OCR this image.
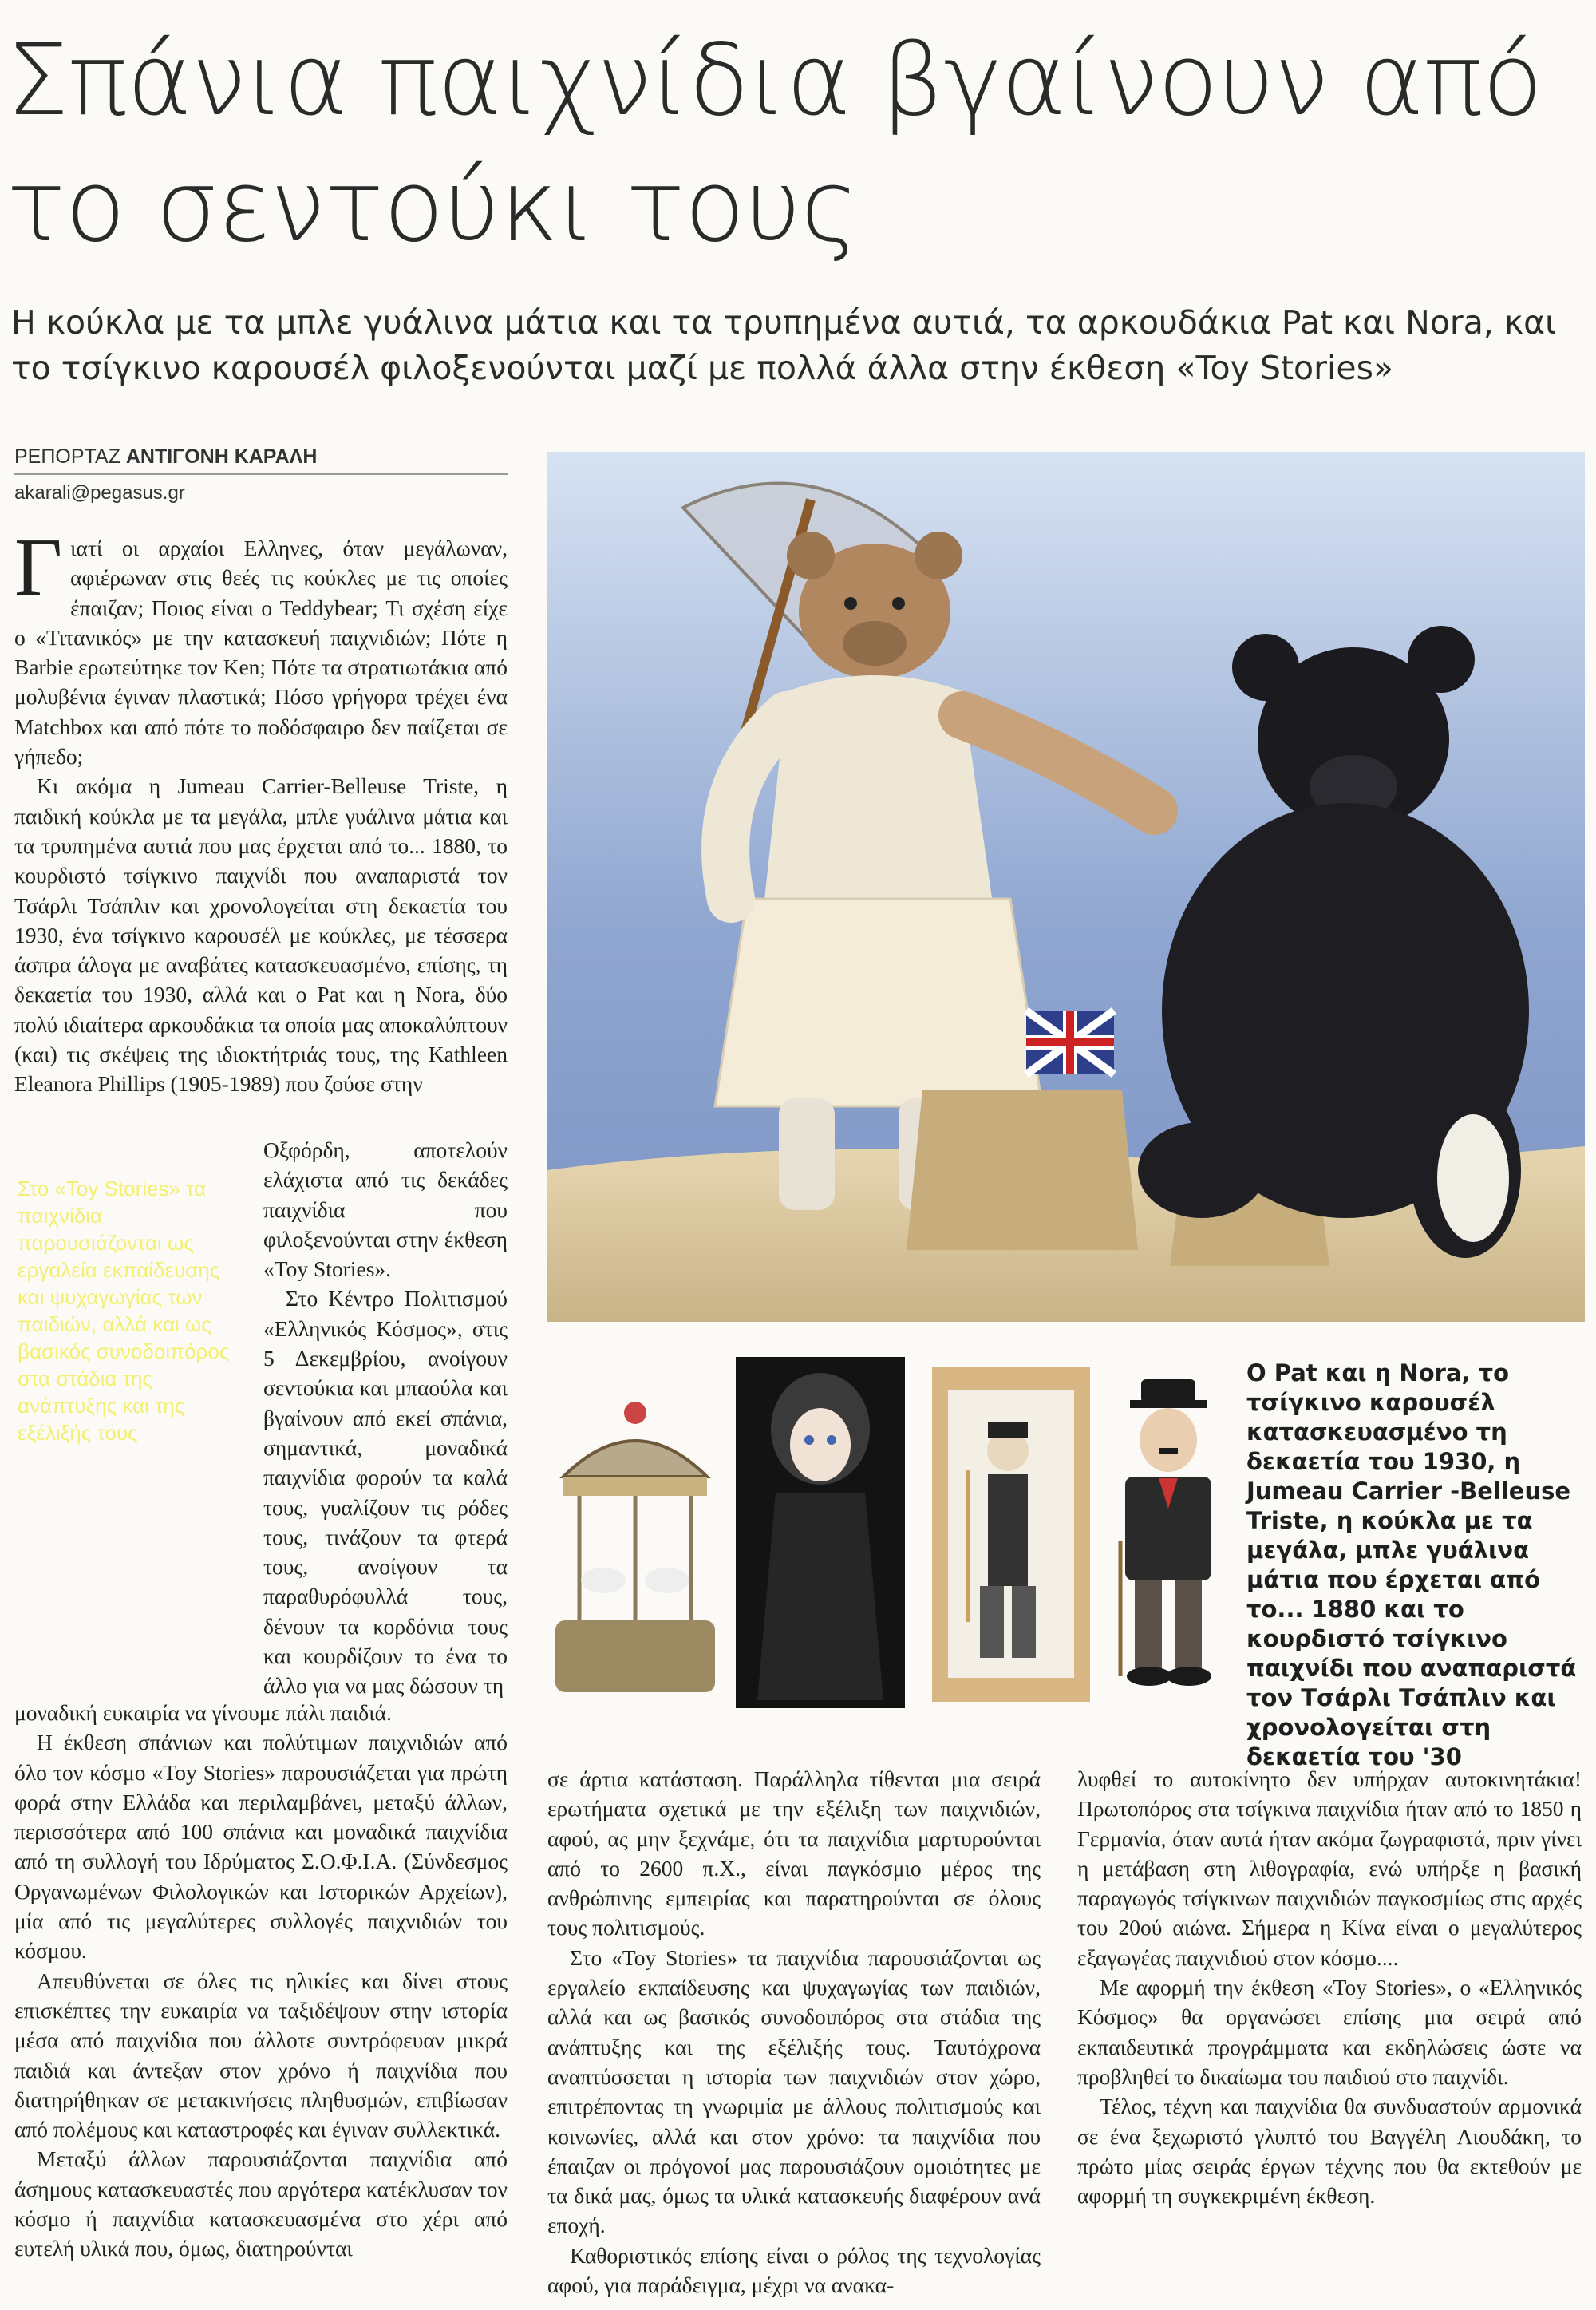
Σπάνια παιχνίδια βγαίνουν από το σεντούκι τους

Η κούκλα με τα μπλε γυάλινα μάτια και τα τρυπημένα αυτιά, τα αρκουδάκια Pat και Nora, και το τσίγκινο καρουσέλ φιλοξενούνται μαζί με πολλά άλλα στην έκθεση «Toy Stories»

ΡΕΠΟΡΤΑΖ ΑΝΤΙΓΟΝΗ ΚΑΡΑΛΗ
akarali@pegasus.gr

Γιατί οι αρχαίοι Ελληνες, όταν μεγάλωναν, αφιέρωναν στις θεές τις κούκλες με τις οποίες έπαιζαν; Ποιος είναι ο Teddybear; Τι σχέση είχε ο «Τιτανικός» με την κατασκευή παιχνιδιών; Πότε η Barbie ερωτεύτηκε τον Ken; Πότε τα στρατιωτάκια από μολυβένια έγιναν πλαστικά; Πόσο γρήγορα τρέχει ένα Matchbox και από πότε το ποδόσφαιρο δεν παίζεται σε γήπεδο;

Κι ακόμα η Jumeau Carrier-Belleuse Triste, η παιδική κούκλα με τα μεγάλα, μπλε γυάλινα μάτια και τα τρυπημένα αυτιά που μας έρχεται από το... 1880, το κουρδιστό τσίγκινο παιχνίδι που αναπαριστά τον Τσάρλι Τσάπλιν και χρονολογείται στη δεκαετία του 1930, ένα τσίγκινο καρουσέλ με κούκλες, με τέσσερα άσπρα άλογα με αναβάτες κατασκευασμένο, επίσης, τη δεκαετία του 1930, αλλά και ο Pat και η Nora, δύο πολύ ιδιαίτερα αρκουδάκια τα οποία μας αποκαλύπτουν (και) τις σκέψεις της ιδιοκτήτριάς τους, της Kathleen Eleanora Phillips (1905-1989) που ζούσε στην

Οξφόρδη, αποτελούν ελάχιστα από τις δεκάδες παιχνίδια που φιλοξενούνται στην έκθεση «Toy Stories».

Στο Κέντρο Πολιτισμού «Ελληνικός Κόσμος», στις 5 Δεκεμβρίου, ανοίγουν σεντούκια και μπαούλα και βγαίνουν από εκεί σπάνια, σημαντικά, μοναδικά παιχνίδια φορούν τα καλά τους, γυαλίζουν τις ρόδες τους, τινάζουν τα φτερά τους, ανοίγουν τα παραθυρόφυλλά τους, δένουν τα κορδόνια τους και κουρδίζουν το ένα το άλλο για να μας δώσουν τη

Στο «Toy Stories» τα παιχνίδια παρουσιάζονται ως εργαλεία εκπαίδευσης και ψυχαγωγίας των παιδιών, αλλά και ως βασικός συνοδοιπόρος στα στάδια της ανάπτυξης και της εξέλιξής τους

μοναδική ευκαιρία να γίνουμε πάλι παιδιά.

Η έκθεση σπάνιων και πολύτιμων παιχνιδιών από όλο τον κόσμο «Toy Stories» παρουσιάζεται για πρώτη φορά στην Ελλάδα και περιλαμβάνει, μεταξύ άλλων, περισσότερα από 100 σπάνια και μοναδικά παιχνίδια από τη συλλογή του Ιδρύματος Σ.Ο.Φ.Ι.Α. (Σύνδεσμος Οργανωμένων Φιλολογικών και Ιστορικών Αρχείων), μία από τις μεγαλύτερες συλλογές παιχνιδιών του κόσμου.

Απευθύνεται σε όλες τις ηλικίες και δίνει στους επισκέπτες την ευκαιρία να ταξιδέψουν στην ιστορία μέσα από παιχνίδια που άλλοτε συντρόφευαν μικρά παιδιά και άντεξαν στον χρόνο ή παιχνίδια που διατηρήθηκαν σε μετακινήσεις πληθυσμών, επιβίωσαν από πολέμους και καταστροφές και έγιναν συλλεκτικά.

Μεταξύ άλλων παρουσιάζονται παιχνίδια από άσημους κατασκευαστές που αργότερα κατέκλυσαν τον κόσμο ή παιχνίδια κατασκευασμένα στο χέρι από ευτελή υλικά που, όμως, διατηρούνται

Ο Pat και η Nora, το τσίγκινο καρουσέλ κατασκευασμένο τη δεκαετία του 1930, η Jumeau Carrier -Belleuse Triste, η κούκλα με τα μεγάλα, μπλε γυάλινα μάτια που έρχεται από το... 1880 και το κουρδιστό τσίγκινο παιχνίδι που αναπαριστά τον Τσάρλι Τσάπλιν και χρονολογείται στη δεκαετία του '30

σε άρτια κατάσταση. Παράλληλα τίθενται μια σειρά ερωτήματα σχετικά με την εξέλιξη των παιχνιδιών, αφού, ας μην ξεχνάμε, ότι τα παιχνίδια μαρτυρούνται από το 2600 π.Χ., είναι παγκόσμιο μέρος της ανθρώπινης εμπειρίας και παρατηρούνται σε όλους τους πολιτισμούς.

Στο «Toy Stories» τα παιχνίδια παρουσιάζονται ως εργαλείο εκπαίδευσης και ψυχαγωγίας των παιδιών, αλλά και ως βασικός συνοδοιπόρος στα στάδια της ανάπτυξης και της εξέλιξής τους. Ταυτόχρονα αναπτύσσεται η ιστορία των παιχνιδιών στον χώρο, επιτρέποντας τη γνωριμία με άλλους πολιτισμούς και κοινωνίες, αλλά και στον χρόνο: τα παιχνίδια που έπαιζαν οι πρόγονοί μας παρουσιάζουν ομοιότητες με τα δικά μας, όμως τα υλικά κατασκευής διαφέρουν ανά εποχή.

Καθοριστικός επίσης είναι ο ρόλος της τεχνολογίας αφού, για παράδειγμα, μέχρι να ανακα-

λυφθεί το αυτοκίνητο δεν υπήρχαν αυτοκινητάκια! Πρωτοπόρος στα τσίγκινα παιχνίδια ήταν από το 1850 η Γερμανία, όταν αυτά ήταν ακόμα ζωγραφιστά, πριν γίνει η μετάβαση στη λιθογραφία, ενώ υπήρξε η βασική παραγωγός τσίγκινων παιχνιδιών παγκοσμίως στις αρχές του 20ού αιώνα. Σήμερα η Κίνα είναι ο μεγαλύτερος εξαγωγέας παιχνιδιού στον κόσμο....

Με αφορμή την έκθεση «Toy Stories», ο «Ελληνικός Κόσμος» θα οργανώσει επίσης μια σειρά από εκπαιδευτικά προγράμματα και εκδηλώσεις ώστε να προβληθεί το δικαίωμα του παιδιού στο παιχνίδι.

Τέλος, τέχνη και παιχνίδια θα συνδυαστούν αρμονικά σε ένα ξεχωριστό γλυπτό του Βαγγέλη Λιουδάκη, το πρώτο μίας σειράς έργων τέχνης που θα εκτεθούν με αφορμή τη συγκεκριμένη έκθεση.
